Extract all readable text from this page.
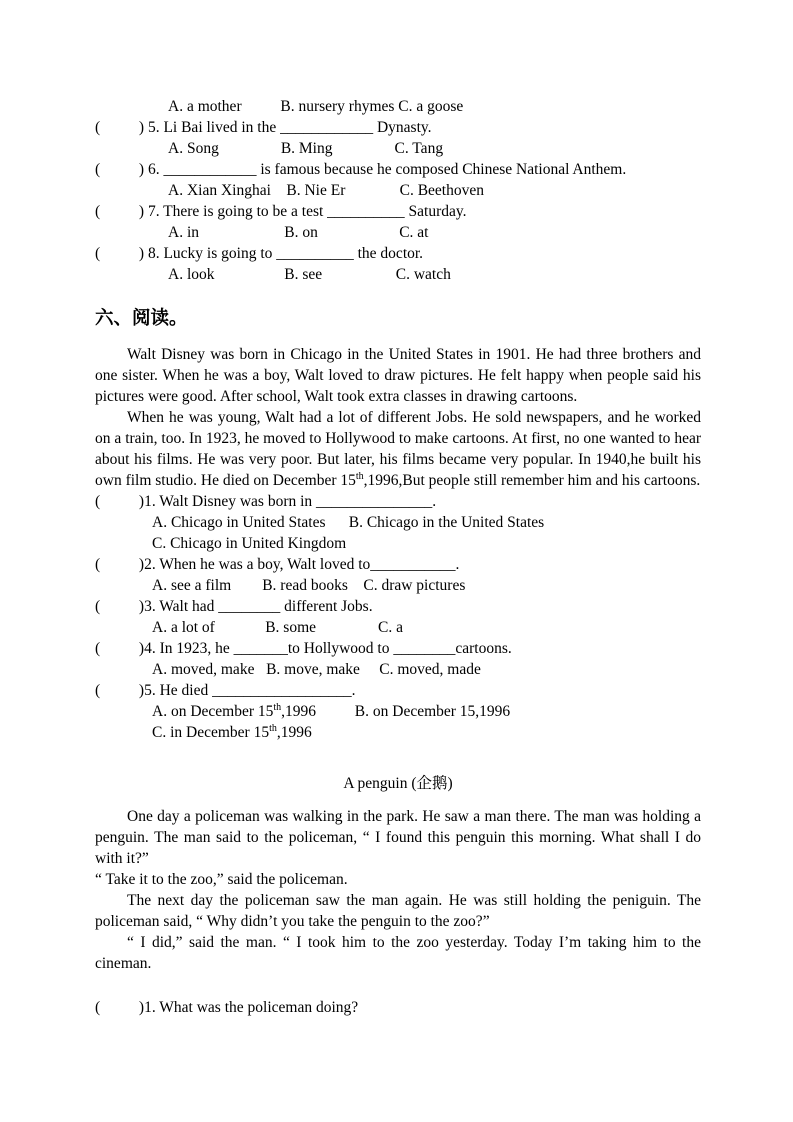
A. a mother          B. nursery rhymes C. a goose

(          ) 5. Li Bai lived in the ____________ Dynasty.

A. Song                B. Ming                C. Tang

(          ) 6. ____________ is famous because he composed Chinese National Anthem.

A. Xian Xinghai    B. Nie Er              C. Beethoven

(          ) 7. There is going to be a test __________ Saturday.

A. in                      B. on                     C. at

(          ) 8. Lucky is going to __________ the doctor.

A. look                  B. see                   C. watch

六、阅读。

Walt Disney was born in Chicago in the United States in 1901. He had three brothers and one sister. When he was a boy, Walt loved to draw pictures. He felt happy when people said his pictures were good. After school, Walt took extra classes in drawing cartoons.

When he was young, Walt had a lot of different Jobs. He sold newspapers, and he worked on a train, too. In 1923, he moved to Hollywood to make cartoons. At first, no one wanted to hear about his films. He was very poor. But later, his films became very popular. In 1940,he built his own film studio. He died on December 15th,1996,But people still remember him and his cartoons.

(          )1. Walt Disney was born in _______________.

A. Chicago in United States      B. Chicago in the United States

C. Chicago in United Kingdom

(          )2. When he was a boy, Walt loved to___________.

A. see a film        B. read books    C. draw pictures

(          )3. Walt had ________ different Jobs.

A. a lot of             B. some                C. a

(          )4. In 1923, he _______to Hollywood to ________cartoons.

A. moved, make   B. move, make     C. moved, made

(          )5. He died __________________.

A. on December 15th,1996          B. on December 15,1996

C. in December 15th,1996

A penguin (企鹅)

One day a policeman was walking in the park. He saw a man there. The man was holding a penguin. The man said to the policeman, “ I found this penguin this morning. What shall I do with it?”

“ Take it to the zoo,” said the policeman.

The next day the policeman saw the man again. He was still holding the peniguin. The policeman said, “ Why didn’t you take the penguin to the zoo?”

“ I did,” said the man. “ I took him to the zoo yesterday. Today I’m taking him to the cineman.

(          )1. What was the policeman doing?
